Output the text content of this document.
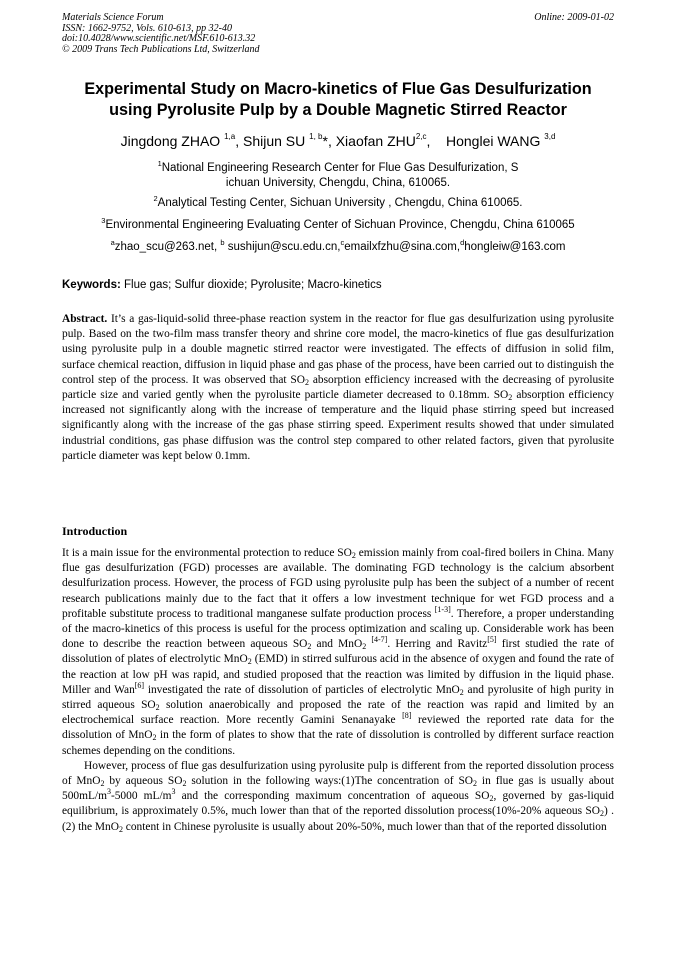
Materials Science Forum
ISSN: 1662-9752, Vols. 610-613, pp 32-40
doi:10.4028/www.scientific.net/MSF.610-613.32
© 2009 Trans Tech Publications Ltd, Switzerland
Online: 2009-01-02
Experimental Study on Macro-kinetics of Flue Gas Desulfurization
using Pyrolusite Pulp by a Double Magnetic Stirred Reactor
Jingdong ZHAO $^{1,a}$, Shijun SU $^{1, b}$*, Xiaofan ZHU$^{2,c}$,    Honglei WANG $^{3,d}$
$^1$National Engineering Research Center for Flue Gas Desulfurization, S
ichuan University, Chengdu, China, 610065.
$^2$Analytical Testing Center, Sichuan University , Chengdu, China 610065.
$^3$Environmental Engineering Evaluating Center of Sichuan Province, Chengdu, China 610065
$^a$zhao_scu@263.net, $^b$ sushijun@scu.edu.cn,$^c$emailxfzhu@sina.com,$^d$hongleiw@163.com
Keywords: Flue gas; Sulfur dioxide; Pyrolusite; Macro-kinetics
Abstract. It’s a gas-liquid-solid three-phase reaction system in the reactor for flue gas desulfurization using pyrolusite pulp. Based on the two-film mass transfer theory and shrine core model, the macro-kinetics of flue gas desulfurization using pyrolusite pulp in a double magnetic stirred reactor were investigated. The effects of diffusion in solid film, surface chemical reaction, diffusion in liquid phase and gas phase of the process, have been carried out to distinguish the control step of the process. It was observed that $SO_2$ absorption efficiency increased with the decreasing of pyrolusite particle size and varied gently when the pyrolusite particle diameter decreased to 0.18mm. $SO_2$ absorption efficiency increased not significantly along with the increase of temperature and the liquid phase stirring speed but increased significantly along with the increase of the gas phase stirring speed. Experiment results showed that under simulated industrial conditions, gas phase diffusion was the control step compared to other related factors, given that pyrolusite particle diameter was kept below 0.1mm.
Introduction
It is a main issue for the environmental protection to reduce $SO_2$ emission mainly from coal-fired boilers in China. Many flue gas desulfurization (FGD) processes are available. The dominating FGD technology is the calcium absorbent desulfurization process. However, the process of FGD using pyrolusite pulp has been the subject of a number of recent research publications mainly due to the fact that it offers a low investment technique for wet FGD process and a profitable substitute process to traditional manganese sulfate production process [1-3]. Therefore, a proper understanding of the macro-kinetics of this process is useful for the process optimization and scaling up. Considerable work has been done to describe the reaction between aqueous $SO_2$ and MnO$_2$ [4-7]. Herring and Ravitz[5] first studied the rate of dissolution of plates of electrolytic MnO$_2$ (EMD) in stirred sulfurous acid in the absence of oxygen and found the rate of the reaction at low pH was rapid, and studied proposed that the reaction was limited by diffusion in the liquid phase. Miller and Wan[6] investigated the rate of dissolution of particles of electrolytic MnO$_2$ and pyrolusite of high purity in stirred aqueous $SO_2$ solution anaerobically and proposed the rate of the reaction was rapid and limited by an electrochemical surface reaction. More recently Gamini Senanayake [8] reviewed the reported rate data for the dissolution of MnO$_2$ in the form of plates to show that the rate of dissolution is controlled by different surface reaction schemes depending on the conditions.
However, process of flue gas desulfurization using pyrolusite pulp is different from the reported dissolution process of MnO$_2$ by aqueous $SO_2$ solution in the following ways:(1)The concentration of $SO_2$ in flue gas is usually about $500mL/m^3-5000$ $mL/m^3$ and the corresponding maximum concentration of aqueous $SO_2$, governed by gas-liquid equilibrium, is approximately 0.5%, much lower than that of the reported dissolution process(10%-20% aqueous $SO_2$) . (2) the MnO$_2$ content in Chinese pyrolusite is usually about 20%-50%, much lower than that of the reported dissolution
